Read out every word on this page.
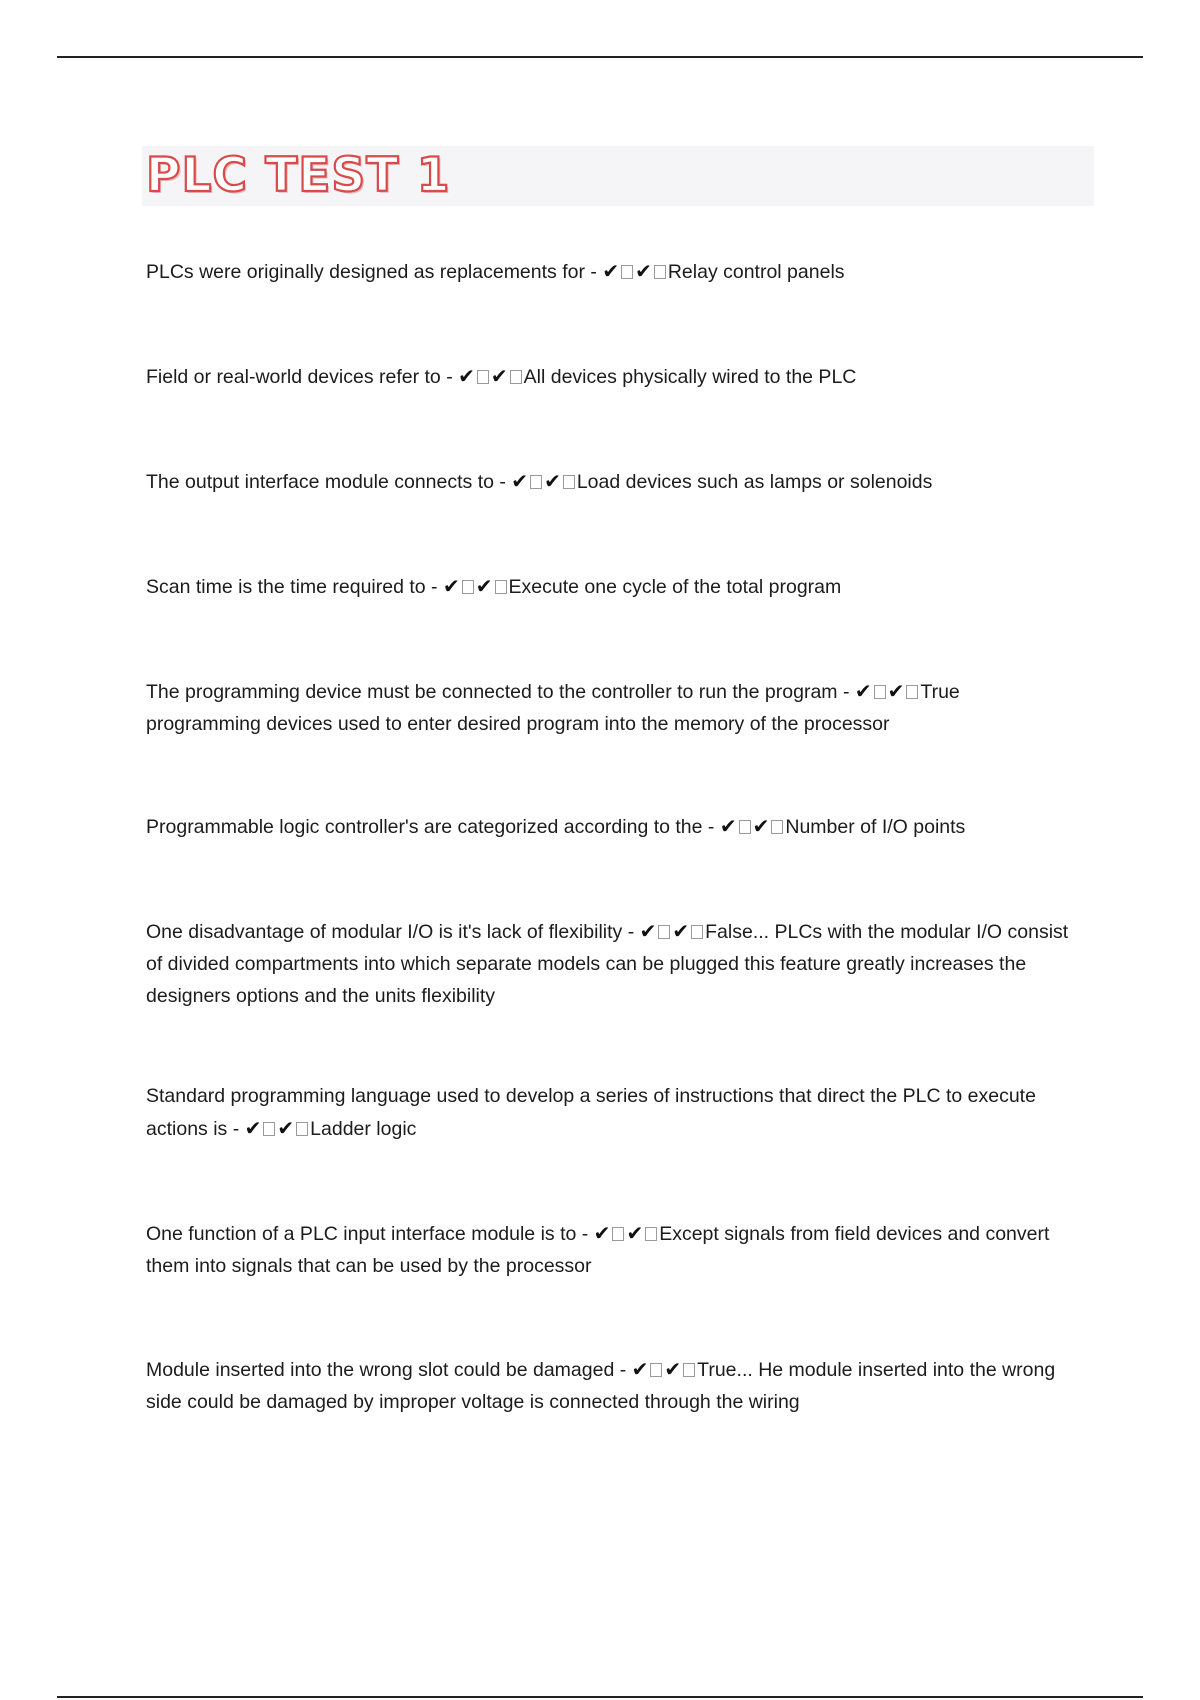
PLC TEST 1
PLCs were originally designed as replacements for - ✔ ✔ Relay control panels
Field or real-world devices refer to - ✔ ✔ All devices physically wired to the PLC
The output interface module connects to - ✔ ✔ Load devices such as lamps or solenoids
Scan time is the time required to - ✔ ✔ Execute one cycle of the total program
The programming device must be connected to the controller to run the program - ✔ ✔ True programming devices used to enter desired program into the memory of the processor
Programmable logic controller's are categorized according to the - ✔ ✔ Number of I/O points
One disadvantage of modular I/O is it's lack of flexibility - ✔ ✔ False... PLCs with the modular I/O consist of divided compartments into which separate models can be plugged this feature greatly increases the designers options and the units flexibility
Standard programming language used to develop a series of instructions that direct the PLC to execute actions is - ✔ ✔ Ladder logic
One function of a PLC input interface module is to - ✔ ✔ Except signals from field devices and convert them into signals that can be used by the processor
Module inserted into the wrong slot could be damaged - ✔ ✔ True... He module inserted into the wrong side could be damaged by improper voltage is connected through the wiring
